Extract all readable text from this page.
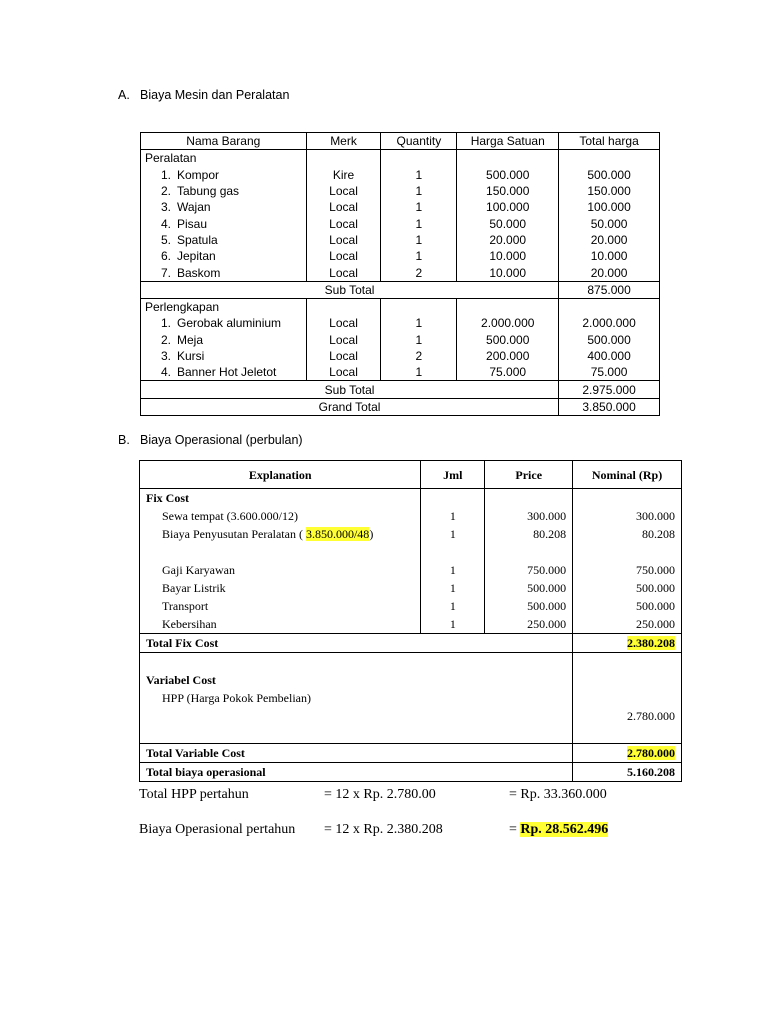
A. Biaya Mesin dan Peralatan
Nama Barang	Merk	Quantity	Harga Satuan	Total harga
Peralatan				
1. Kompor	Kire	1	500.000	500.000
2. Tabung gas	Local	1	150.000	150.000
3. Wajan	Local	1	100.000	100.000
4. Pisau	Local	1	50.000	50.000
5. Spatula	Local	1	20.000	20.000
6. Jepitan	Local	1	10.000	10.000
7. Baskom	Local	2	10.000	20.000
Sub Total				875.000
Perlengkapan				
1. Gerobak aluminium	Local	1	2.000.000	2.000.000
2. Meja	Local	1	500.000	500.000
3. Kursi	Local	2	200.000	400.000
4. Banner Hot Jeletot	Local	1	75.000	75.000
Sub Total				2.975.000
Grand Total				3.850.000
B. Biaya Operasional (perbulan)
Explanation	Jml	Price	Nominal (Rp)
Fix Cost			
Sewa tempat (3.600.000/12)	1	300.000	300.000
Biaya Penyusutan Peralatan ( 3.850.000/48)	1	80.208	80.208

Gaji Karyawan	1	750.000	750.000
Bayar Listrik	1	500.000	500.000
Transport	1	500.000	500.000
Kebersihan	1	250.000	250.000
Total Fix Cost			2.380.208

Variabel Cost			
HPP (Harga Pokok Pembelian)			
			2.780.000

Total Variable Cost			2.780.000
Total biaya operasional			5.160.208
Total HPP pertahun	= 12 x Rp. 2.780.00	= Rp. 33.360.000
Biaya Operasional pertahun = 12 x Rp. 2.380.208	= Rp. 28.562.496
